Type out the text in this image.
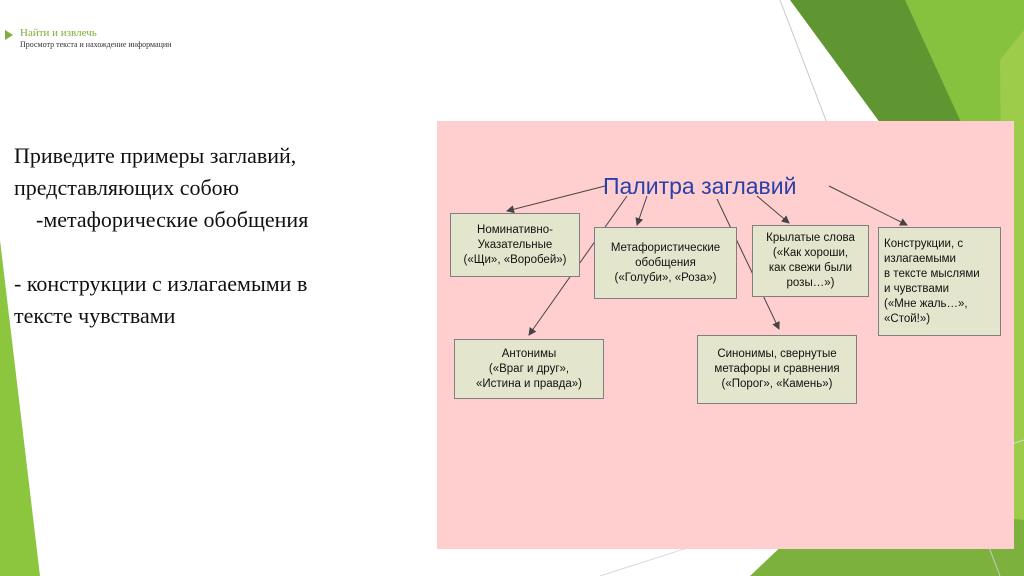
Найти и извлечь
Просмотр текста и нахождение информации
Приведите примеры заглавий,
представляющих собою
-метафорические обобщения
- конструкции с излагаемыми в
тексте чувствами
Палитра заглавий
Номинативно-
Указательные
(«Щи», «Воробей»)
Метафористические
обобщения
(«Голуби», «Роза»)
Крылатые слова
(«Как хороши,
как свежи были
розы…»)
Конструкции, с
излагаемыми
в тексте мыслями
и чувствами
(«Мне жаль…»,
«Стой!»)
Антонимы
(«Враг и друг»,
«Истина и правда»)
Синонимы, свернутые
метафоры и сравнения
(«Порог», «Камень»)
